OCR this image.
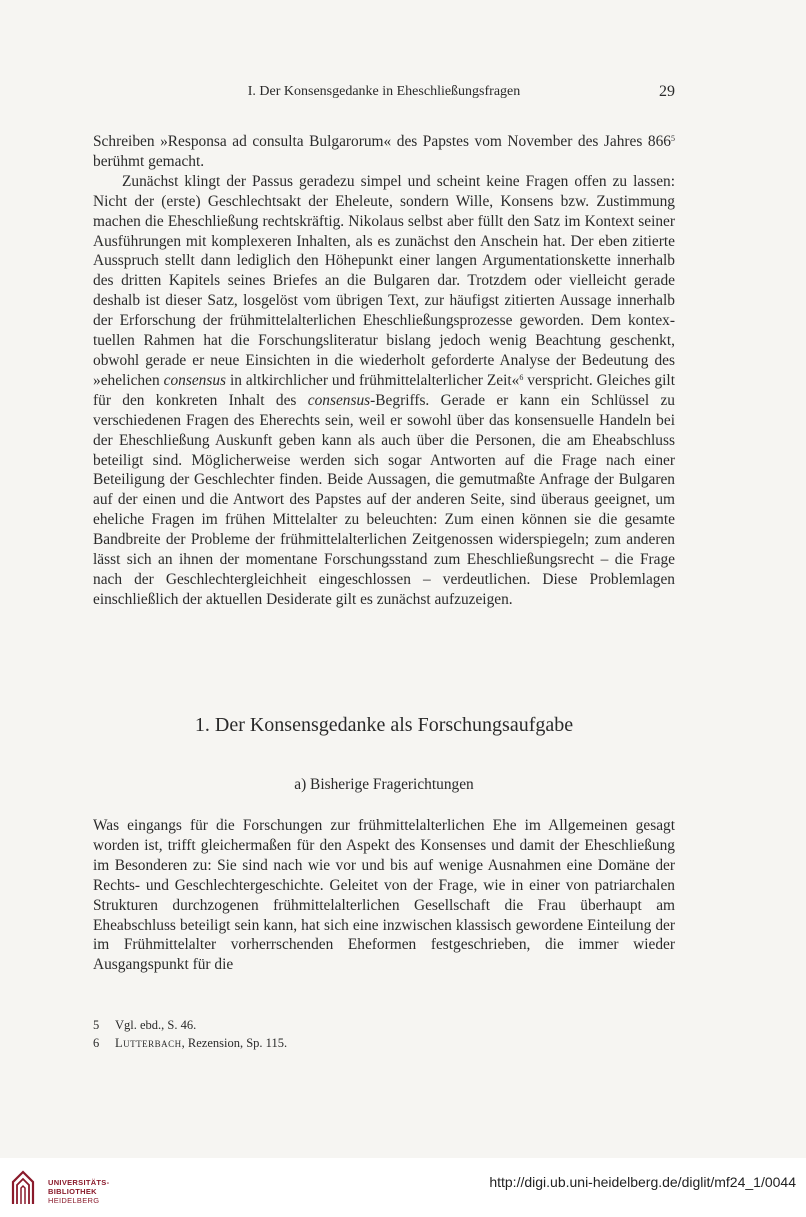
I. Der Konsensgedanke in Eheschließungsfragen	29

Schreiben »Responsa ad consulta Bulgarorum« des Papstes vom November des Jahres $866^5$ berühmt gemacht.

Zunächst klingt der Passus geradezu simpel und scheint keine Fragen offen zu lassen: Nicht der (erste) Geschlechtsakt der Eheleute, sondern Wille, Konsens bzw. Zustimmung machen die Eheschließung rechtskräftig. Nikolaus selbst aber füllt den Satz im Kontext seiner Ausführungen mit komplexeren Inhalten, als es zunächst den Anschein hat. Der eben zitierte Ausspruch stellt dann lediglich den Höhepunkt einer langen Argumentationskette innerhalb des dritten Kapitels seines Briefes an die Bulgaren dar. Trotzdem oder vielleicht gerade deshalb ist dieser Satz, losgelöst vom übrigen Text, zur häufigst zitierten Aussage innerhalb der Erforschung der frühmittelalterlichen Eheschließungsprozesse geworden. Dem kontextuellen Rahmen hat die Forschungsliteratur bislang jedoch wenig Beachtung geschenkt, obwohl gerade er neue Einsichten in die wiederholt geforderte Analyse der Bedeutung des »ehelichen consensus in altkirchlicher und frühmittelalterlicher Zeit«$^6$ verspricht. Gleiches gilt für den konkreten Inhalt des consensus-Begriffs. Gerade er kann ein Schlüssel zu verschiedenen Fragen des Eherechts sein, weil er sowohl über das konsensuelle Handeln bei der Eheschließung Auskunft geben kann als auch über die Personen, die am Eheabschluss beteiligt sind. Möglicherweise werden sich sogar Antworten auf die Frage nach einer Beteiligung der Geschlechter finden. Beide Aussagen, die gemutmaßte Anfrage der Bulgaren auf der einen und die Antwort des Papstes auf der anderen Seite, sind überaus geeignet, um eheliche Fragen im frühen Mittelalter zu beleuchten: Zum einen können sie die gesamte Bandbreite der Probleme der frühmittelalterlichen Zeitgenossen widerspiegeln; zum anderen lässt sich an ihnen der momentane Forschungsstand zum Eheschließungsrecht – die Frage nach der Geschlechtergleichheit eingeschlossen – verdeutlichen. Diese Problemlagen einschließlich der aktuellen Desiderate gilt es zunächst aufzuzeigen.

1. Der Konsensgedanke als Forschungsaufgabe
a) Bisherige Fragerichtungen

Was eingangs für die Forschungen zur frühmittelalterlichen Ehe im Allgemeinen gesagt worden ist, trifft gleichermaßen für den Aspekt des Konsenses und damit der Eheschließung im Besonderen zu: Sie sind nach wie vor und bis auf wenige Ausnahmen eine Domäne der Rechts- und Geschlechtergeschichte. Geleitet von der Frage, wie in einer von patriarchalen Strukturen durchzogenen frühmittelalterlichen Gesellschaft die Frau überhaupt am Eheabschluss beteiligt sein kann, hat sich eine inzwischen klassisch gewordene Einteilung der im Frühmittelalter vorherrschenden Eheformen festgeschrieben, die immer wieder Ausgangspunkt für die

5	Vgl. ebd., S. 46.
6	Lutterbach, Rezension, Sp. 115.
UNIVERSITÄTS-
BIBLIOTHEK
HEIDELBERG
http://digi.ub.uni-heidelberg.de/diglit/mf24_1/0044
